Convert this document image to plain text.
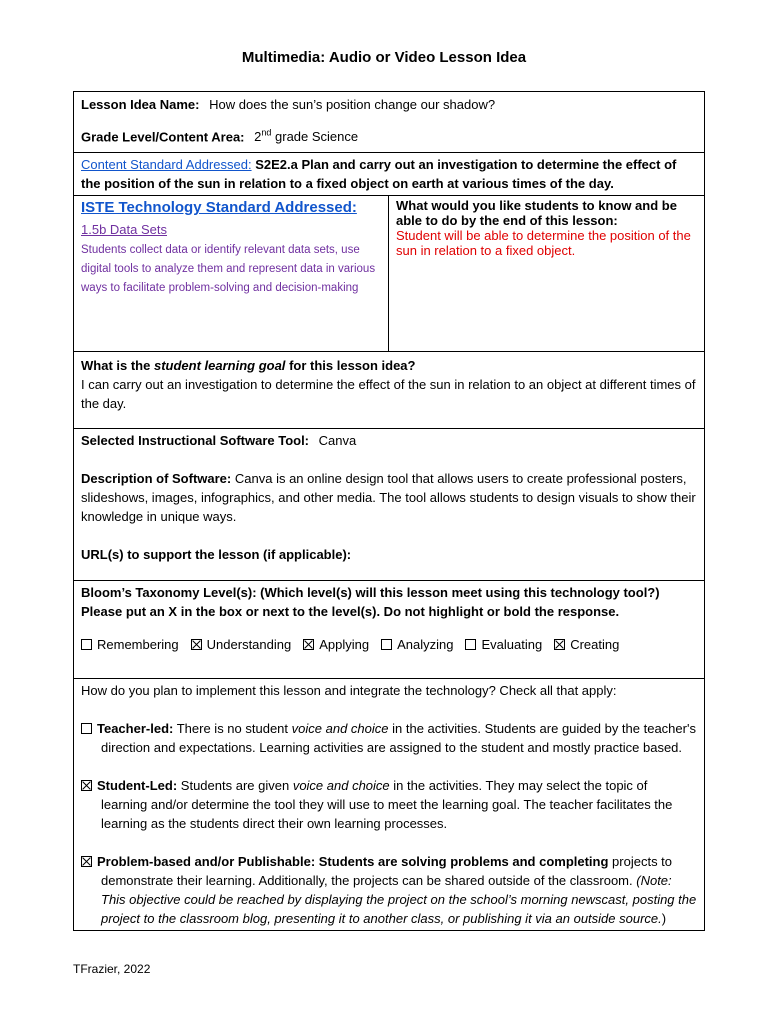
Multimedia: Audio or Video Lesson Idea

Lesson Idea Name: How does the sun’s position change our shadow?

Grade Level/Content Area: 2nd grade Science

Content Standard Addressed: S2E2.a Plan and carry out an investigation to determine the effect of the position of the sun in relation to a fixed object on earth at various times of the day.
ISTE Technology Standard Addressed:
1.5b Data Sets
Students collect data or identify relevant data sets, use digital tools to analyze them and represent data in various ways to facilitate problem-solving and decision-making
What would you like students to know and be able to do by the end of this lesson:
Student will be able to determine the position of the sun in relation to a fixed object.
What is the student learning goal for this lesson idea?
I can carry out an investigation to determine the effect of the sun in relation to an object at different times of the day.
Selected Instructional Software Tool: Canva
Description of Software: Canva is an online design tool that allows users to create professional posters, slideshows, images, infographics, and other media. The tool allows students to design visuals to show their knowledge in unique ways.
URL(s) to support the lesson (if applicable):
Bloom’s Taxonomy Level(s): (Which level(s) will this lesson meet using this technology tool?) Please put an X in the box or next to the level(s). Do not highlight or bold the response.
Remembering	Understanding	Applying	Analyzing	Evaluating	Creating
How do you plan to implement this lesson and integrate the technology? Check all that apply:
Teacher-led: There is no student voice and choice in the activities. Students are guided by the teacher's direction and expectations. Learning activities are assigned to the student and mostly practice based.
Student-Led: Students are given voice and choice in the activities. They may select the topic of learning and/or determine the tool they will use to meet the learning goal. The teacher facilitates the learning as the students direct their own learning processes.
Problem-based and/or Publishable: Students are solving problems and completing projects to demonstrate their learning. Additionally, the projects can be shared outside of the classroom. (Note: This objective could be reached by displaying the project on the school’s morning newscast, posting the project to the classroom blog, presenting it to another class, or publishing it via an outside source.)
TFrazier, 2022
